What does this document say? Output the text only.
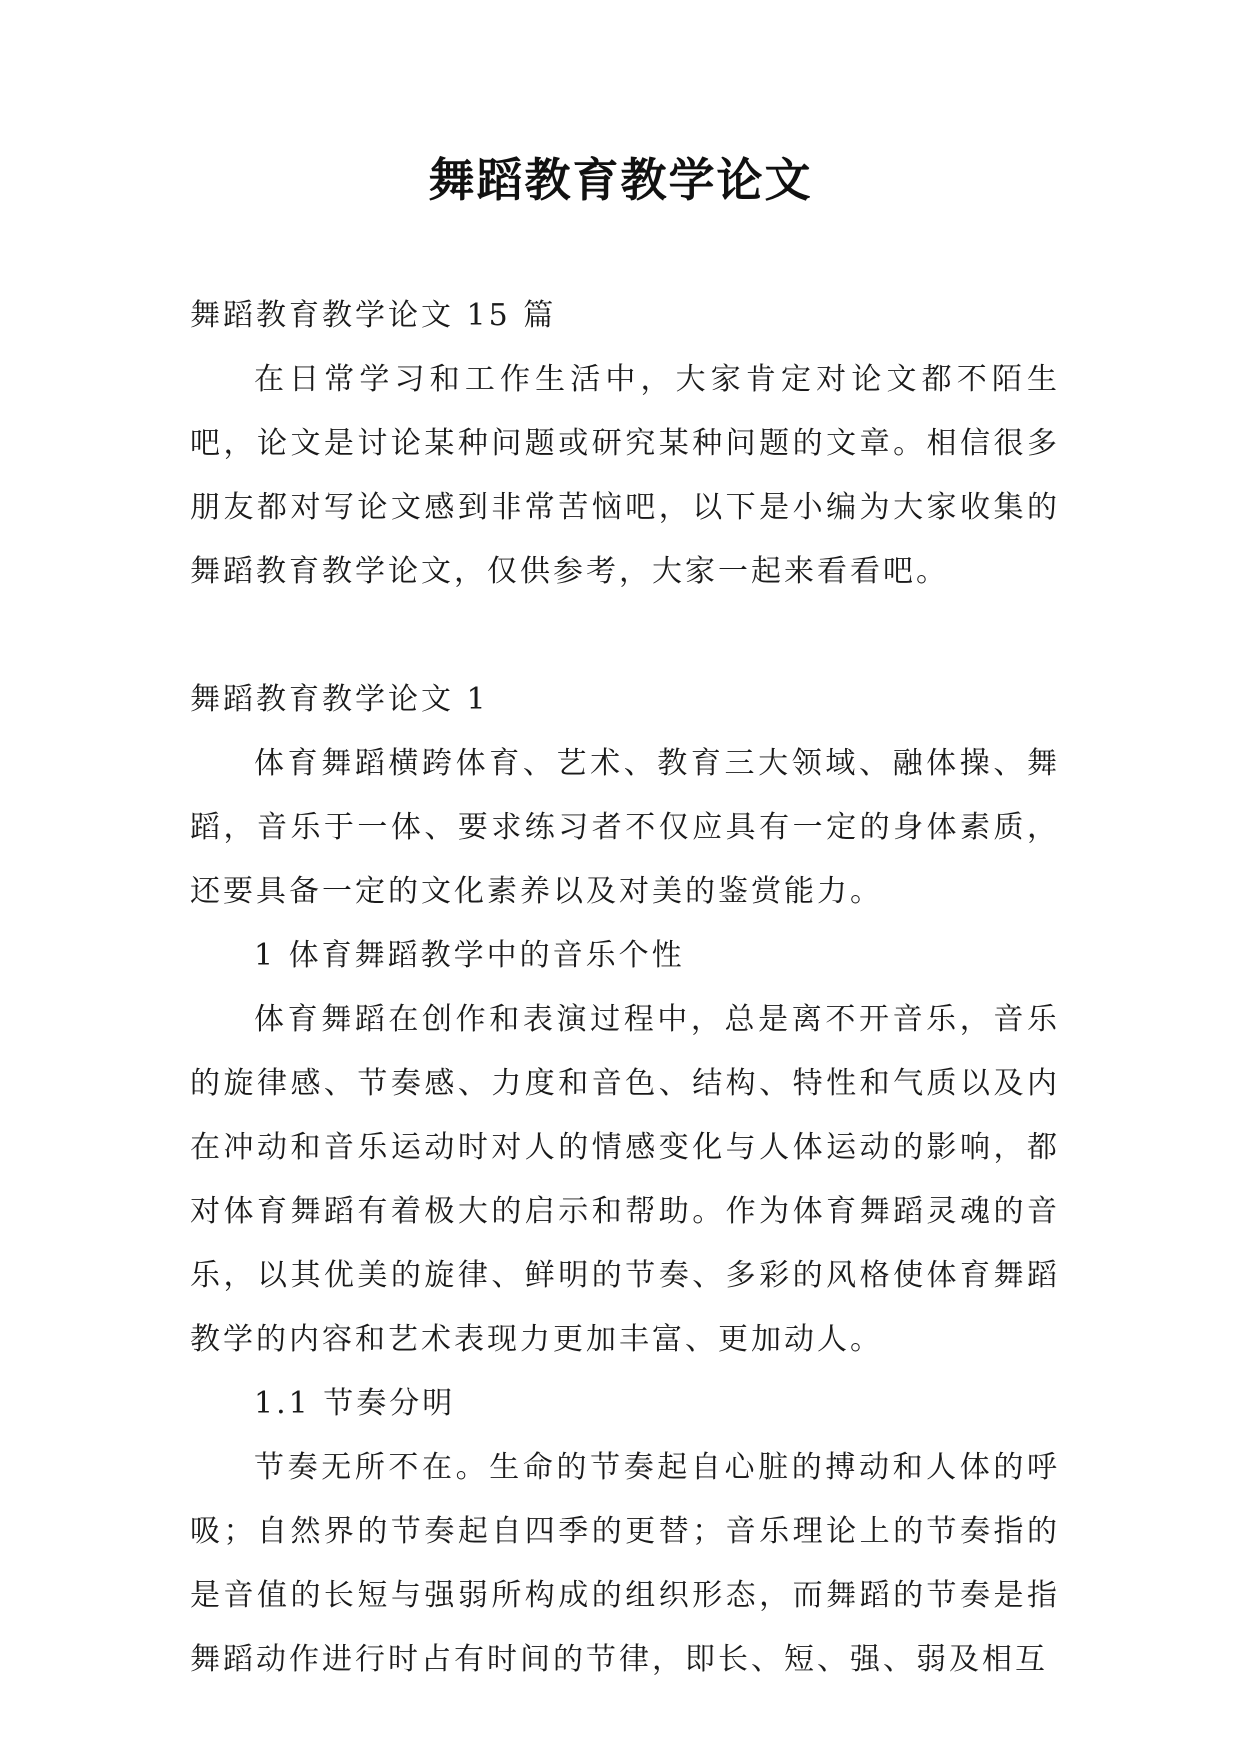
舞蹈教育教学论文

舞蹈教育教学论文 15 篇

在日常学习和工作生活中，大家肯定对论文都不陌生吧，论文是讨论某种问题或研究某种问题的文章。相信很多朋友都对写论文感到非常苦恼吧，以下是小编为大家收集的舞蹈教育教学论文，仅供参考，大家一起来看看吧。

舞蹈教育教学论文 1

体育舞蹈横跨体育、艺术、教育三大领域、融体操、舞蹈，音乐于一体、要求练习者不仅应具有一定的身体素质，还要具备一定的文化素养以及对美的鉴赏能力。

1 体育舞蹈教学中的音乐个性

体育舞蹈在创作和表演过程中，总是离不开音乐，音乐的旋律感、节奏感、力度和音色、结构、特性和气质以及内在冲动和音乐运动时对人的情感变化与人体运动的影响，都对体育舞蹈有着极大的启示和帮助。作为体育舞蹈灵魂的音乐，以其优美的旋律、鲜明的节奏、多彩的风格使体育舞蹈教学的内容和艺术表现力更加丰富、更加动人。

1.1 节奏分明

节奏无所不在。生命的节奏起自心脏的搏动和人体的呼吸；自然界的节奏起自四季的更替；音乐理论上的节奏指的是音值的长短与强弱所构成的组织形态，而舞蹈的节奏是指舞蹈动作进行时占有时间的节律，即长、短、强、弱及相互
